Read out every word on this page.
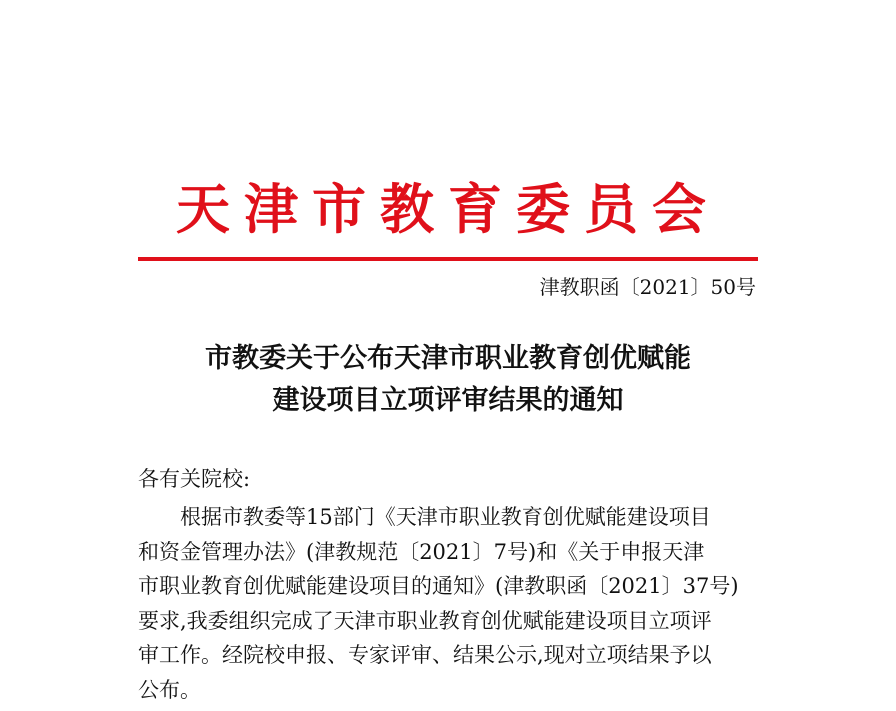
天津市教育委员会
津教职函〔2021〕50号
市教委关于公布天津市职业教育创优赋能
建设项目立项评审结果的通知
各有关院校:
根据市教委等15部门《天津市职业教育创优赋能建设项目
和资金管理办法》(津教规范〔2021〕7号)和《关于申报天津
市职业教育创优赋能建设项目的通知》(津教职函〔2021〕37号)
要求,我委组织完成了天津市职业教育创优赋能建设项目立项评
审工作。经院校申报、专家评审、结果公示,现对立项结果予以
公布。
